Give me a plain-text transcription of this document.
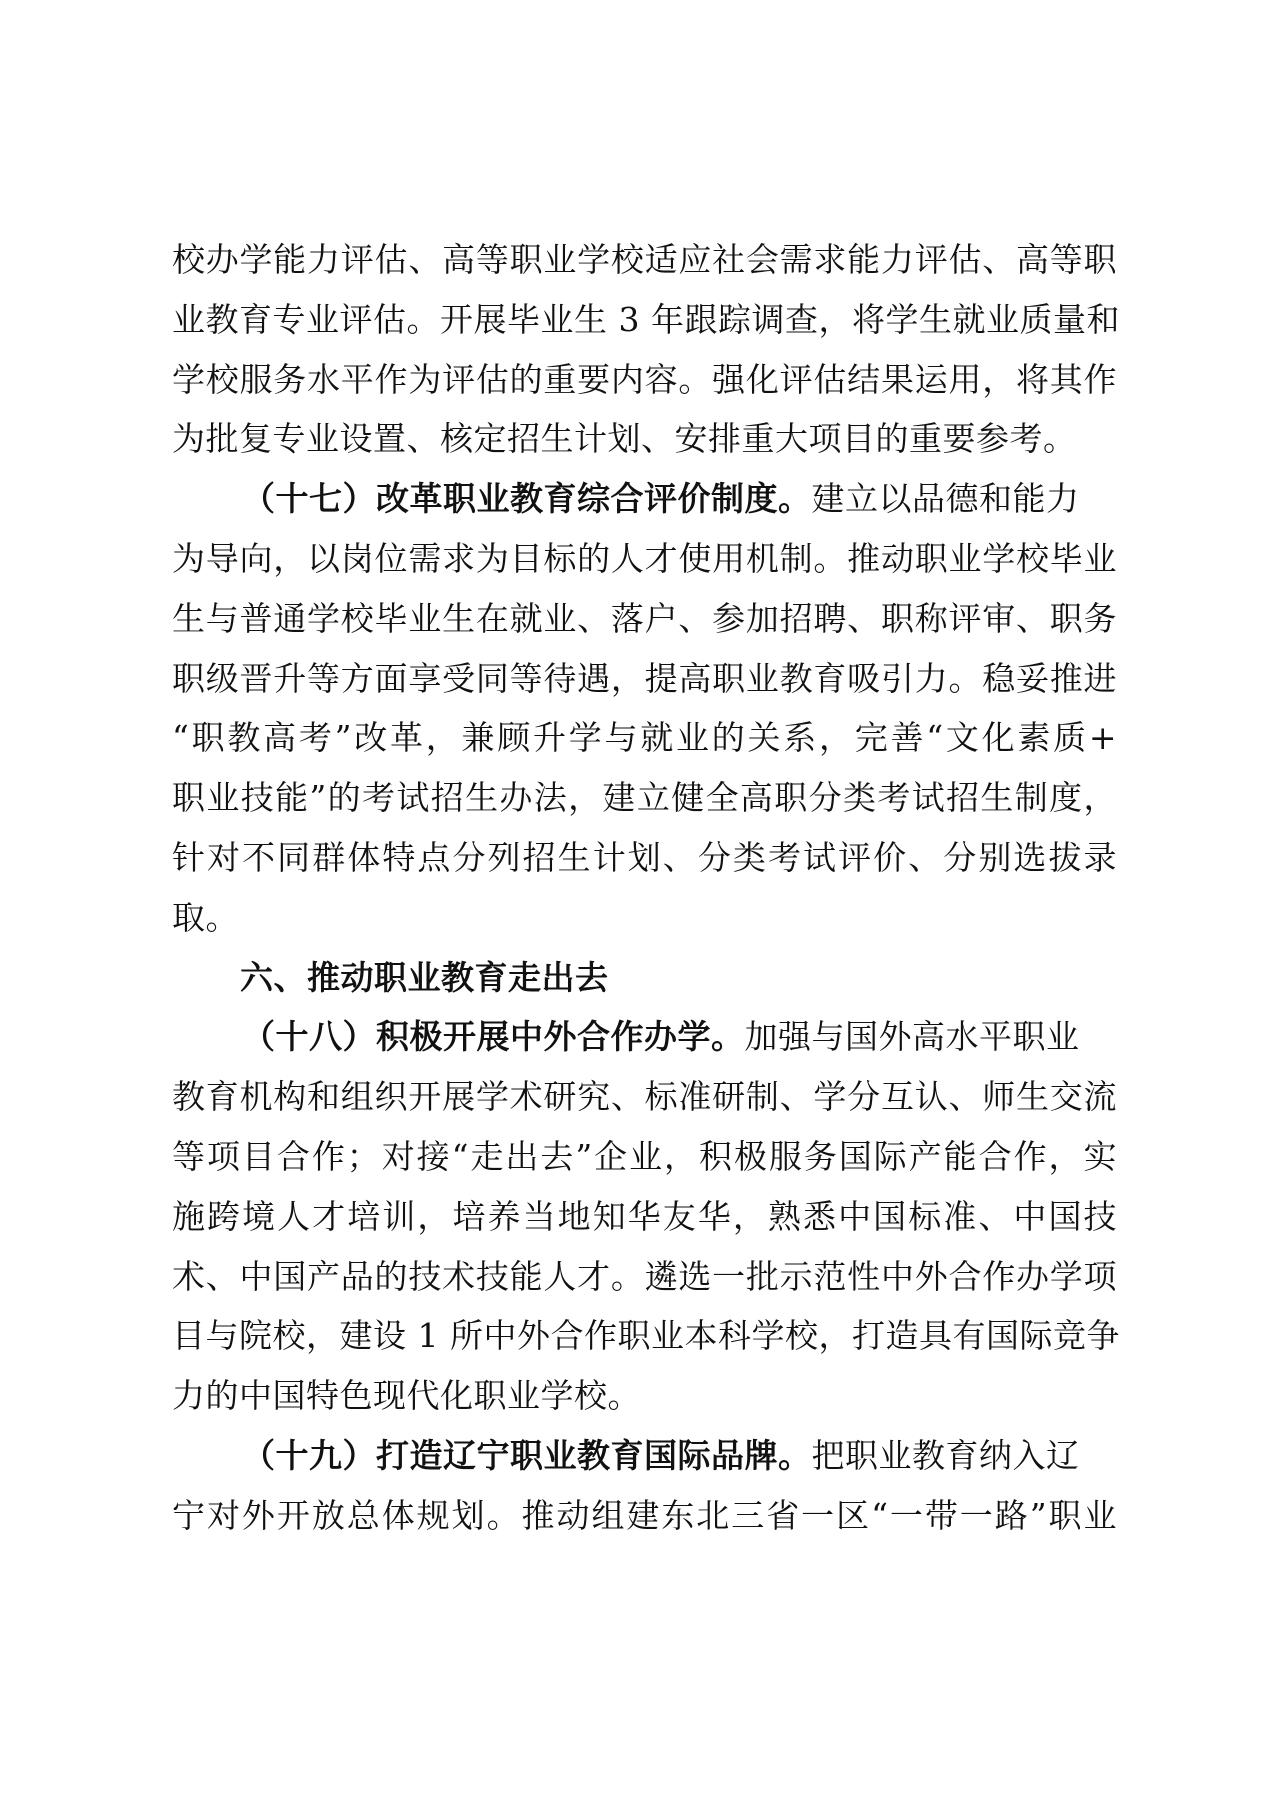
校办学能力评估、高等职业学校适应社会需求能力评估、高等职
业教育专业评估。开展毕业生 3 年跟踪调查，将学生就业质量和
学校服务水平作为评估的重要内容。强化评估结果运用，将其作
为批复专业设置、核定招生计划、安排重大项目的重要参考。
（十七）改革职业教育综合评价制度。建立以品德和能力
为导向，以岗位需求为目标的人才使用机制。推动职业学校毕业
生与普通学校毕业生在就业、落户、参加招聘、职称评审、职务
职级晋升等方面享受同等待遇，提高职业教育吸引力。稳妥推进
“职教高考”改革，兼顾升学与就业的关系，完善“文化素质+
职业技能”的考试招生办法，建立健全高职分类考试招生制度，
针对不同群体特点分列招生计划、分类考试评价、分别选拔录
取。
六、推动职业教育走出去
（十八）积极开展中外合作办学。加强与国外高水平职业
教育机构和组织开展学术研究、标准研制、学分互认、师生交流
等项目合作；对接“走出去”企业，积极服务国际产能合作，实
施跨境人才培训，培养当地知华友华，熟悉中国标准、中国技
术、中国产品的技术技能人才。遴选一批示范性中外合作办学项
目与院校，建设 1 所中外合作职业本科学校，打造具有国际竞争
力的中国特色现代化职业学校。
（十九）打造辽宁职业教育国际品牌。把职业教育纳入辽
宁对外开放总体规划。推动组建东北三省一区“一带一路”职业
